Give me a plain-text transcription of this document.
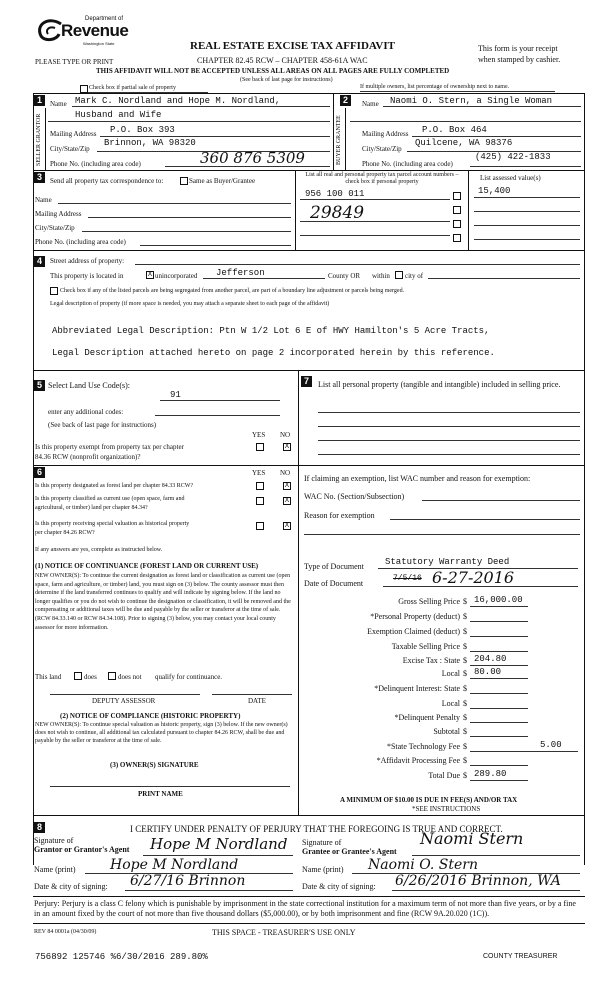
Department of
Revenue
Washington State
PLEASE TYPE OR PRINT
REAL ESTATE EXCISE TAX AFFIDAVIT
CHAPTER 82.45 RCW – CHAPTER 458-61A WAC
This form is your receipt
when stamped by cashier.
THIS AFFIDAVIT WILL NOT BE ACCEPTED UNLESS ALL AREAS ON ALL PAGES ARE FULLY COMPLETED
(See back of last page for instructions)
Check box if partial sale of property	If multiple owners, list percentage of ownership next to name.
1
SELLER GRANTOR
Name Mark C. Nordland and Hope M. Nordland,
Husband and Wife
Mailing Address P.O. Box 393
City/State/Zip
Brinnon, WA 98320
Phone No. (including area code)	360 876 5309
2
BUYER GRANTEE
Name Naomi O. Stern, a Single Woman
Mailing Address P.O. Box 464
City/State/Zip
Quilcene, WA 98376
Phone No. (including area code)
(425) 422-1833
3	Send all property tax correspondence to:	Same as Buyer/Grantee
Name
Mailing Address
City/State/Zip
Phone No. (including area code)
List all real and personal property tax parcel account numbers – check box if personal property	List assessed value(s)
956 100 011	15,400
29849
4	Street address of property:
This property is located in	X unincorporated Jefferson	County OR within city of
Check box if any of the listed parcels are being segregated from another parcel, are part of a boundary line adjustment or parcels being merged.
Legal description of property (if more space is needed, you may attach a separate sheet to each page of the affidavit)
Abbreviated Legal Description: Ptn W 1/2 Lot 6 E of HWY Hamilton's 5 Acre Tracts,
Legal Description attached hereto on page 2 incorporated herein by this reference.
5 Select Land Use Code(s):
91
enter any additional codes:
(See back of last page for instructions)
YES NO
Is this property exempt from property tax per chapter
84.36 RCW (nonprofit organization)?
X
7	List all personal property (tangible and intangible) included in selling price.
6	YES NO
Is this property designated as forest land per chapter 84.33 RCW?	X
Is this property classified as current use (open space, farm and
agricultural, or timber) land per chapter 84.34?
X
Is this property receiving special valuation as historical property
per chapter 84.26 RCW?
X
If any answers are yes, complete as instructed below.
(1) NOTICE OF CONTINUANCE (FOREST LAND OR CURRENT USE)
NEW OWNER(S): To continue the current designation as forest land or classification as current use (open space, farm and agriculture, or timber) land, you must sign on (3) below. The county assessor must then determine if the land transferred continues to qualify and will indicate by signing below. If the land no longer qualifies or you do not wish to continue the designation or classification, it will be removed and the compensating or additional taxes will be due and payable by the seller or transferor at the time of sale. (RCW 84.33.140 or RCW 84.34.108). Prior to signing (3) below, you may contact your local county assessor for more information.
This land	does	does not qualify for continuance.
DEPUTY ASSESSOR	DATE
(2) NOTICE OF COMPLIANCE (HISTORIC PROPERTY)
NEW OWNER(S): To continue special valuation as historic property, sign (3) below. If the new owner(s) does not wish to continue, all additional tax calculated pursuant to chapter 84.26 RCW, shall be due and payable by the seller or transferor at the time of sale.
(3) OWNER(S) SIGNATURE
PRINT NAME
If claiming an exemption, list WAC number and reason for exemption:
WAC No. (Section/Subsection)
Reason for exemption
Type of Document Statutory Warranty Deed
Date of Document
7/5/16 6-27-2016
Gross Selling Price $ 16,000.00
*Personal Property (deduct) $
Exemption Claimed (deduct) $
Taxable Selling Price $
Excise Tax : State $ 204.80
Local $ 80.00
*Delinquent Interest: State $
Local $
*Delinquent Penalty $
Subtotal $
*State Technology Fee $	5.00
*Affidavit Processing Fee $
Total Due $ 289.80
A MINIMUM OF $10.00 IS DUE IN FEE(S) AND/OR TAX
*SEE INSTRUCTIONS
8	I CERTIFY UNDER PENALTY OF PERJURY THAT THE FOREGOING IS TRUE AND CORRECT.
Signature of
Grantor or Grantor's Agent Hope M Nordland
Name (print) Hope M Nordland
Date & city of signing: 6/27/16 Brinnon
Signature of
Grantee or Grantee's Agent
Naomi Stern
Name (print) Naomi O. Stern
Date & city of signing: 6/26/2016 Brinnon, WA
Perjury: Perjury is a class C felony which is punishable by imprisonment in the state correctional institution for a maximum term of not more than five years, or by a fine in an amount fixed by the court of not more than five thousand dollars ($5,000.00), or by both imprisonment and fine (RCW 9A.20.020 (1C)).
REV 84 0001a (04/30/09)	THIS SPACE - TREASURER'S USE ONLY
756892 125746 %6/30/2016 289.80%	COUNTY TREASURER
